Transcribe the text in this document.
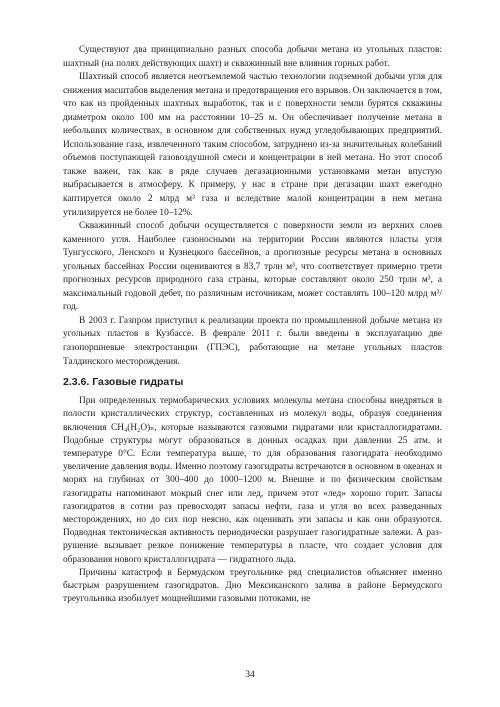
Существуют два принципиально разных способа добычи метана из угольных пластов: шахтный (на полях действующих шахт) и скважинный вне влияния горных работ.

Шахтный способ является неотъемлемой частью технологии подземной добычи угля для снижения масштабов выделения метана и предотвращения его взрывов. Он заключается в том, что как из пройденных шахтных выработок, так и с поверхности земли бурятся скважины диаметром около 100 мм на расстоянии 10–25 м. Он обеспечивает получение метана в небольших количествах, в основном для собственных нужд угледобывающих предприятий. Использование газа, извлеченного таким способом, затруднено из-за значительных колебаний объемов поступающей газовоздушной смеси и концентрации в ней метана. Но этот способ также важен, так как в ряде случаев дегазационными установками метан впустую выбрасывается в атмосферу. К примеру, у нас в стране при дегазации шахт ежегодно каптируется около 2 млрд м³ газа и вследствие малой концентрации в нем метана утилизируется не более 10–12%.

Скважинный способ добычи осуществляется с поверхности земли из верхних слоев каменного угля. Наиболее газоносными на территории России являются пласты угля Тунгусского, Ленского и Кузнецкого бассейнов, а прогнозные ресурсы метана в основных угольных бассейнах России оцениваются в 83,7 трлн м³, что соответствует примерно трети прогнозных ресурсов природного газа страны, которые составляют около 250 трлн м³, а максимальный годовой дебет, по различным источникам, может составлять 100–120 млрд м³/год.

В 2003 г. Газпром приступил к реализации проекта по промышленной добыче метана из угольных пластов в Кузбассе. В феврале 2011 г. были введены в эксплуатацию две газопоршневые электростанции (ГПЭС), работающие на метане угольных пластов Талдинского месторождения.

2.3.6. Газовые гидраты

При определенных термобарических условиях молекулы метана способны внедряться в полости кристаллических структур, составленных из молекул воды, образуя соединения включения CH₄(H₂O)ₙ, которые называются газовыми гидратами или кристаллогидратами. Подобные структуры могут образоваться в донных осадках при давлении 25 атм. и температуре 0°C. Если температура выше, то для образования газогидрата необходимо увеличение давления воды. Именно поэтому газогидраты встречаются в основном в океанах и морях на глубинах от 300–400 до 1000–1200 м. Внешне и по физическим свойствам газогидраты напоминают мокрый снег или лед, причем этот «лед» хорошо горит. Запасы газогидратов в сотни раз превосходят запасы нефти, газа и угля во всех разведанных месторождениях, но до сих пор неясно, как оценивать эти запасы и как они образуются. Подводная тектоническая активность периодически разрушает газогидратные залежи. А разрушение вызывает резкое понижение температуры в пласте, что создает условия для образования нового кристаллогидрата — гидратного льда.

Причины катастроф в Бермудском треугольнике ряд специалистов объясняет именно быстрым разрушением газогидратов. Дно Мексиканского залива в районе Бермудского треугольника изобилует мощнейшими газовыми потоками, не

34
